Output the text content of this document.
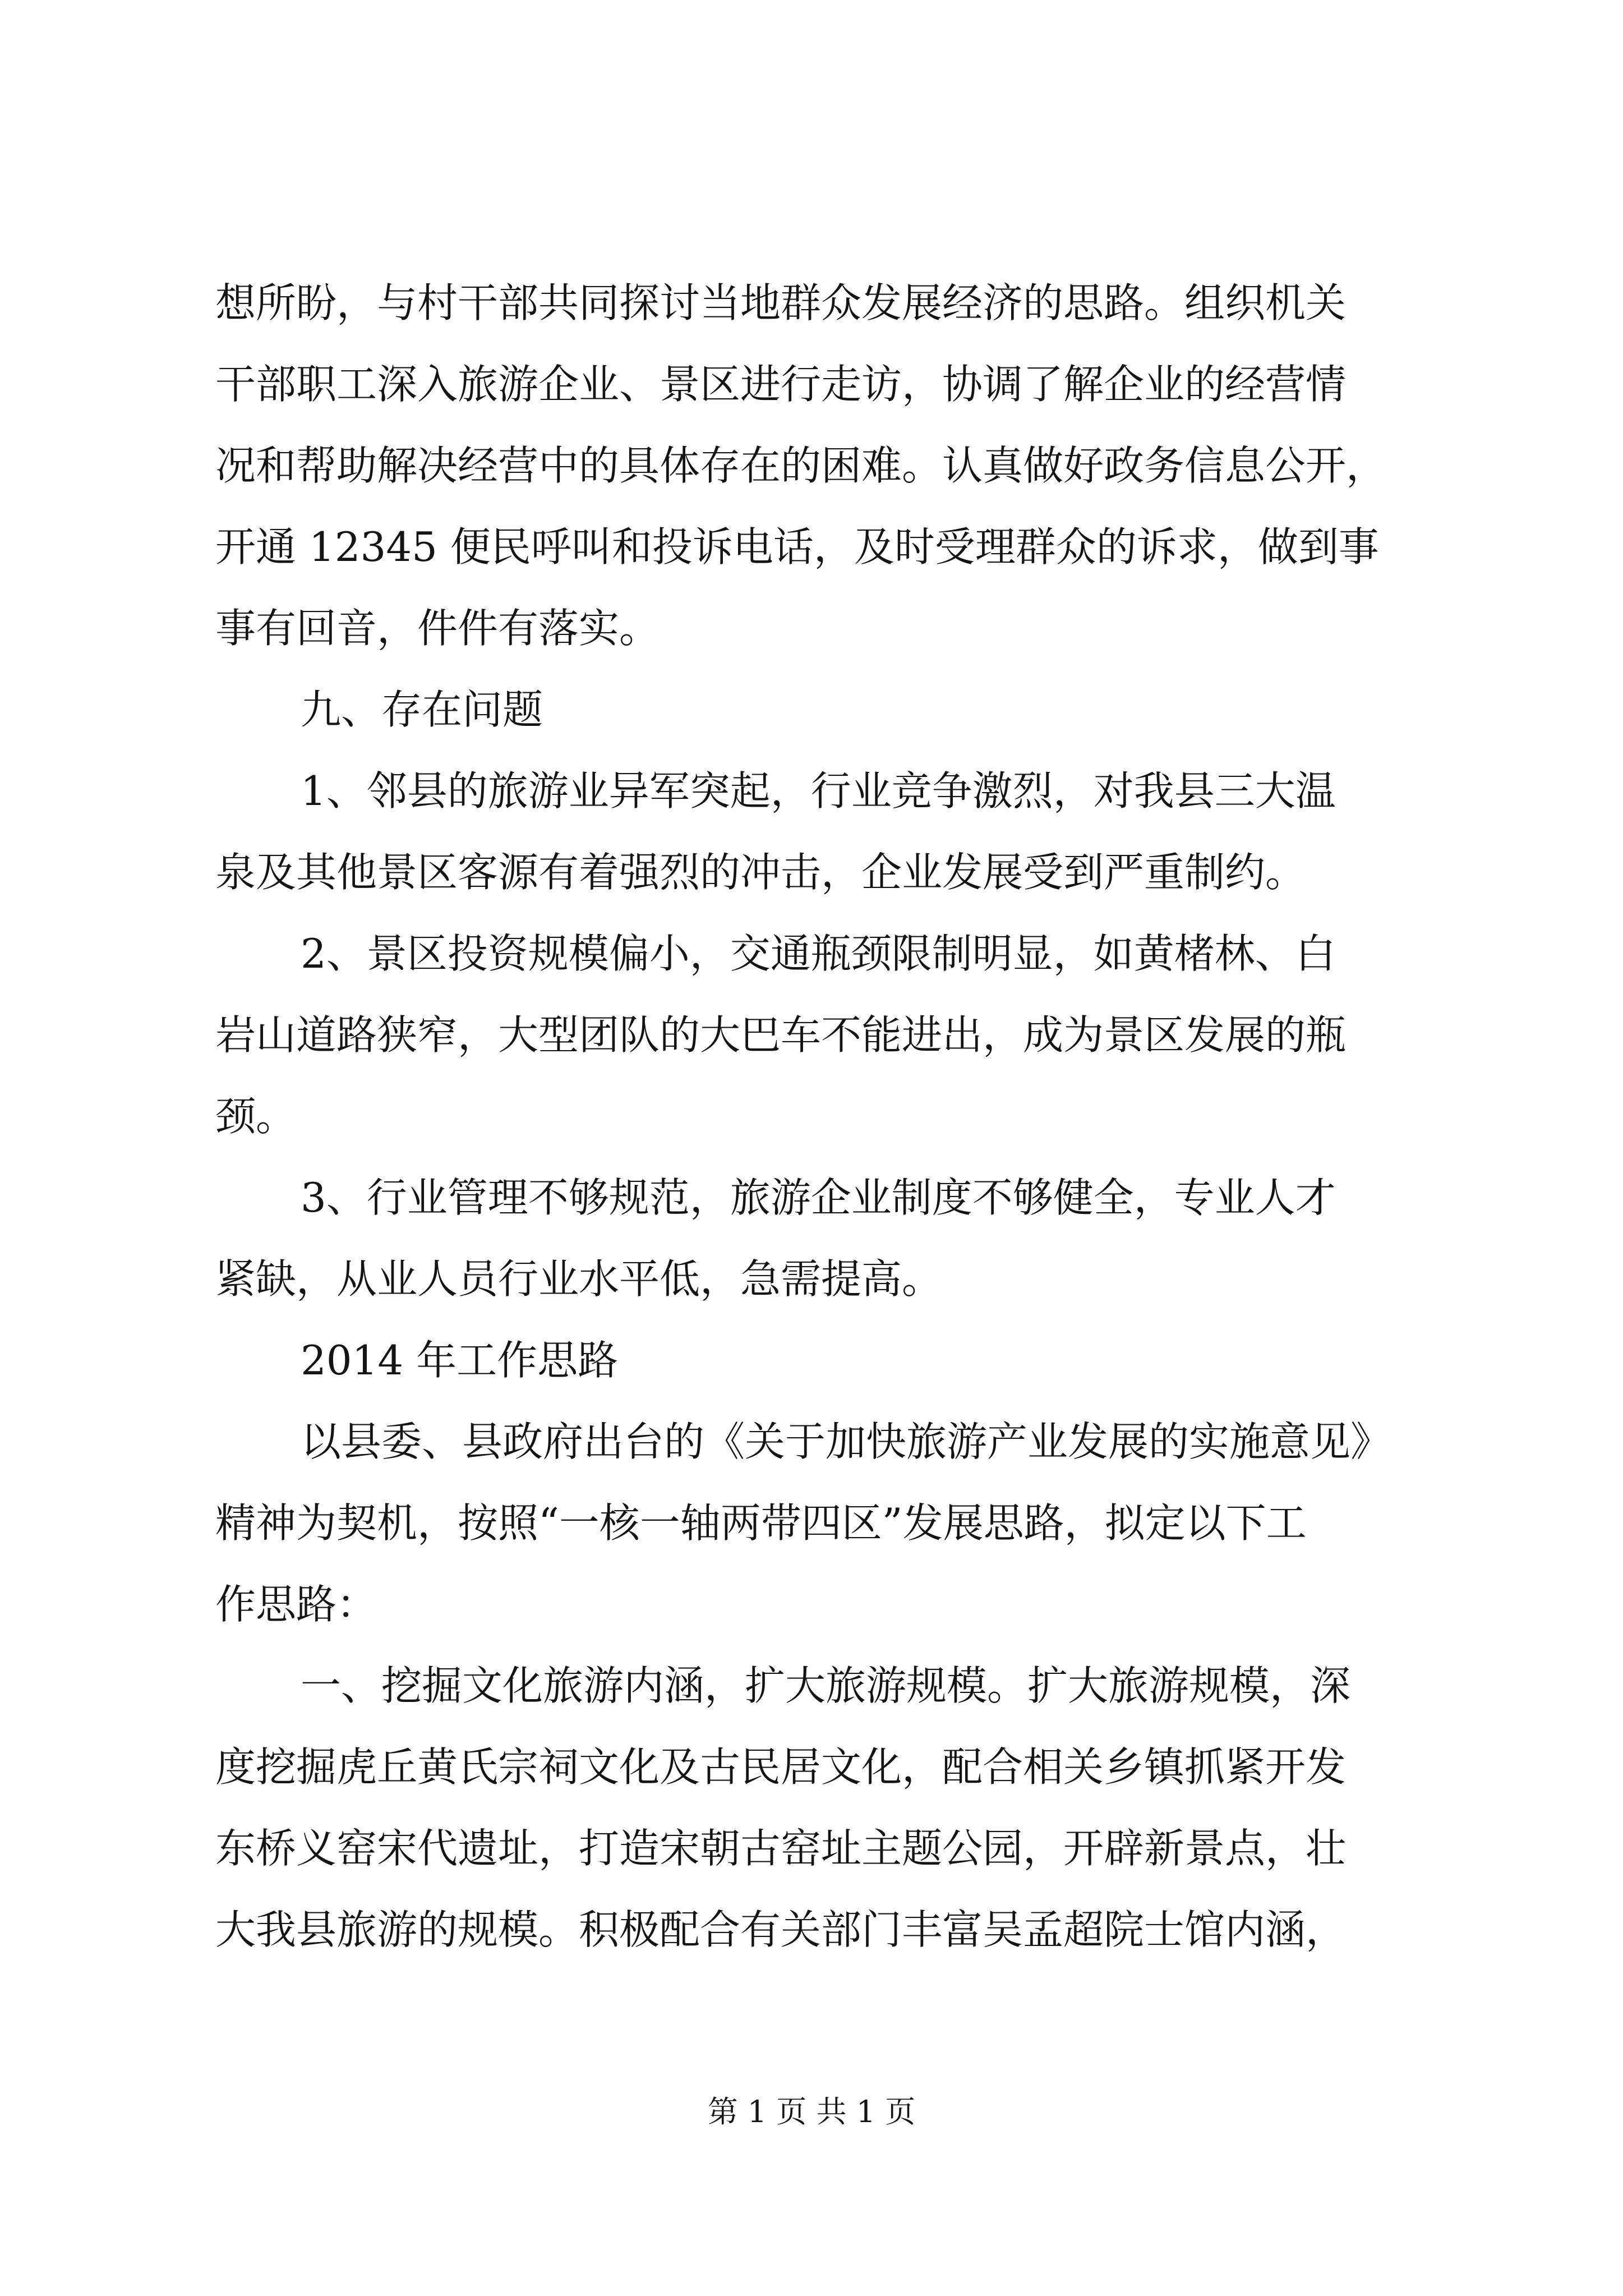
想所盼，与村干部共同探讨当地群众发展经济的思路。组织机关
干部职工深入旅游企业、景区进行走访，协调了解企业的经营情
况和帮助解决经营中的具体存在的困难。认真做好政务信息公开，
开通 12345 便民呼叫和投诉电话，及时受理群众的诉求，做到事
事有回音，件件有落实。
九、存在问题
1、邻县的旅游业异军突起，行业竞争激烈，对我县三大温
泉及其他景区客源有着强烈的冲击，企业发展受到严重制约。
2、景区投资规模偏小，交通瓶颈限制明显，如黄楮林、白
岩山道路狭窄，大型团队的大巴车不能进出，成为景区发展的瓶
颈。
3、行业管理不够规范，旅游企业制度不够健全，专业人才
紧缺，从业人员行业水平低，急需提高。
2014 年工作思路
以县委、县政府出台的《关于加快旅游产业发展的实施意见》
精神为契机，按照“一核一轴两带四区”发展思路，拟定以下工
作思路：
一、挖掘文化旅游内涵，扩大旅游规模。扩大旅游规模，深
度挖掘虎丘黄氏宗祠文化及古民居文化，配合相关乡镇抓紧开发
东桥义窑宋代遗址，打造宋朝古窑址主题公园，开辟新景点，壮
大我县旅游的规模。积极配合有关部门丰富吴孟超院士馆内涵，
第 1 页 共 1 页
